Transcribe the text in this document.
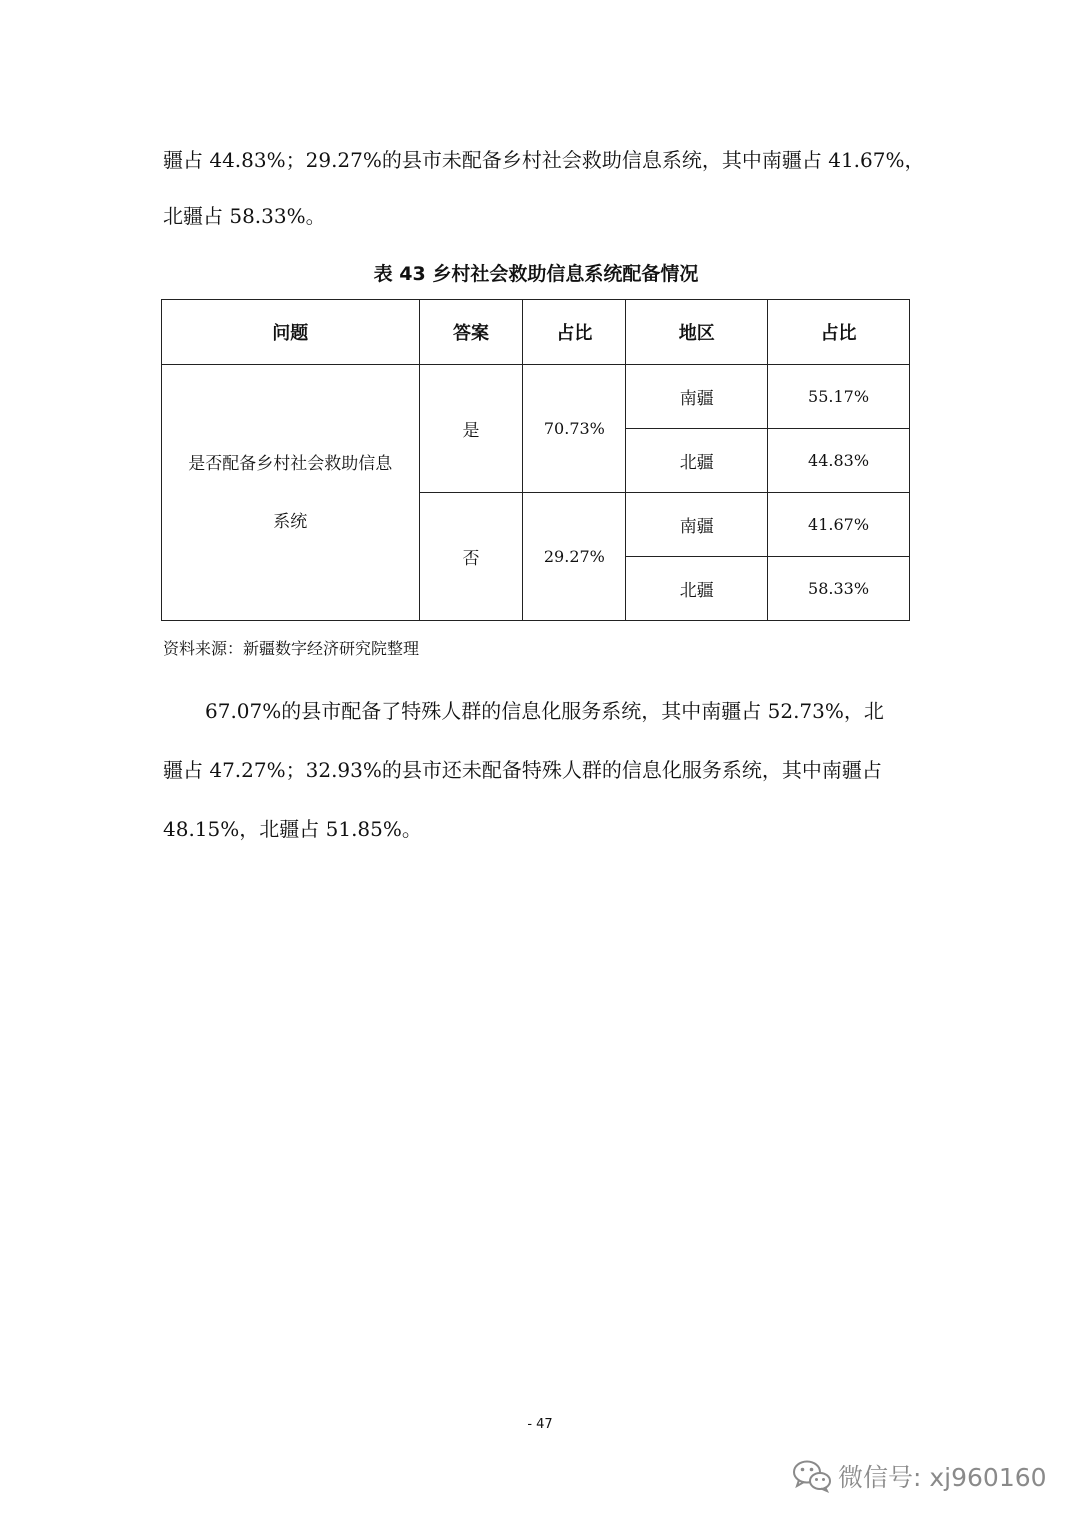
疆占 44.83%；29.27%的县市未配备乡村社会救助信息系统，其中南疆占 41.67%，
北疆占 58.33%。
表 43 乡村社会救助信息系统配备情况
问题	答案	占比	地区	占比

是否配备乡村社会救助信息
系统	是	70.73%	南疆	55.17%
			北疆	44.83%
	否	29.27%	南疆	41.67%
			北疆	58.33%
资料来源：新疆数字经济研究院整理
67.07%的县市配备了特殊人群的信息化服务系统，其中南疆占 52.73%，北
疆占 47.27%；32.93%的县市还未配备特殊人群的信息化服务系统，其中南疆占
48.15%，北疆占 51.85%。
- 47
微信号: xj960160
